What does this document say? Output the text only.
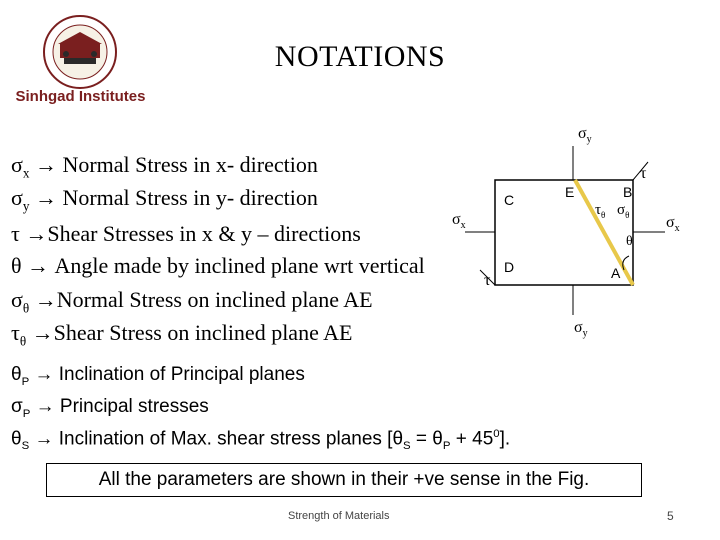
Sinhgad Institutes
NOTATIONS
$\sigma_x$ → Normal Stress in x- direction
$\sigma_y$ → Normal Stress in y- direction
τ →Shear Stresses in x & y – directions
θ → Angle made by inclined plane wrt vertical
$\sigma_\theta$ →Normal Stress on inclined plane AE
$\tau_\theta$ →Shear Stress on inclined plane AE
$\theta_P$ → Inclination of Principal planes
$\sigma_P$ → Principal stresses
$\theta_S$ → Inclination of Max. shear stress planes $[\theta_S = \theta_P + 45^0]$.
All the parameters are shown in their +ve sense in the Fig.
Strength of Materials	5
$\sigma_y$
$\sigma_y$
$\sigma_x$	$\sigma_x$
τ
τ
C
D
E	B
A
$\tau_\theta$ $\sigma_\theta$
θ
